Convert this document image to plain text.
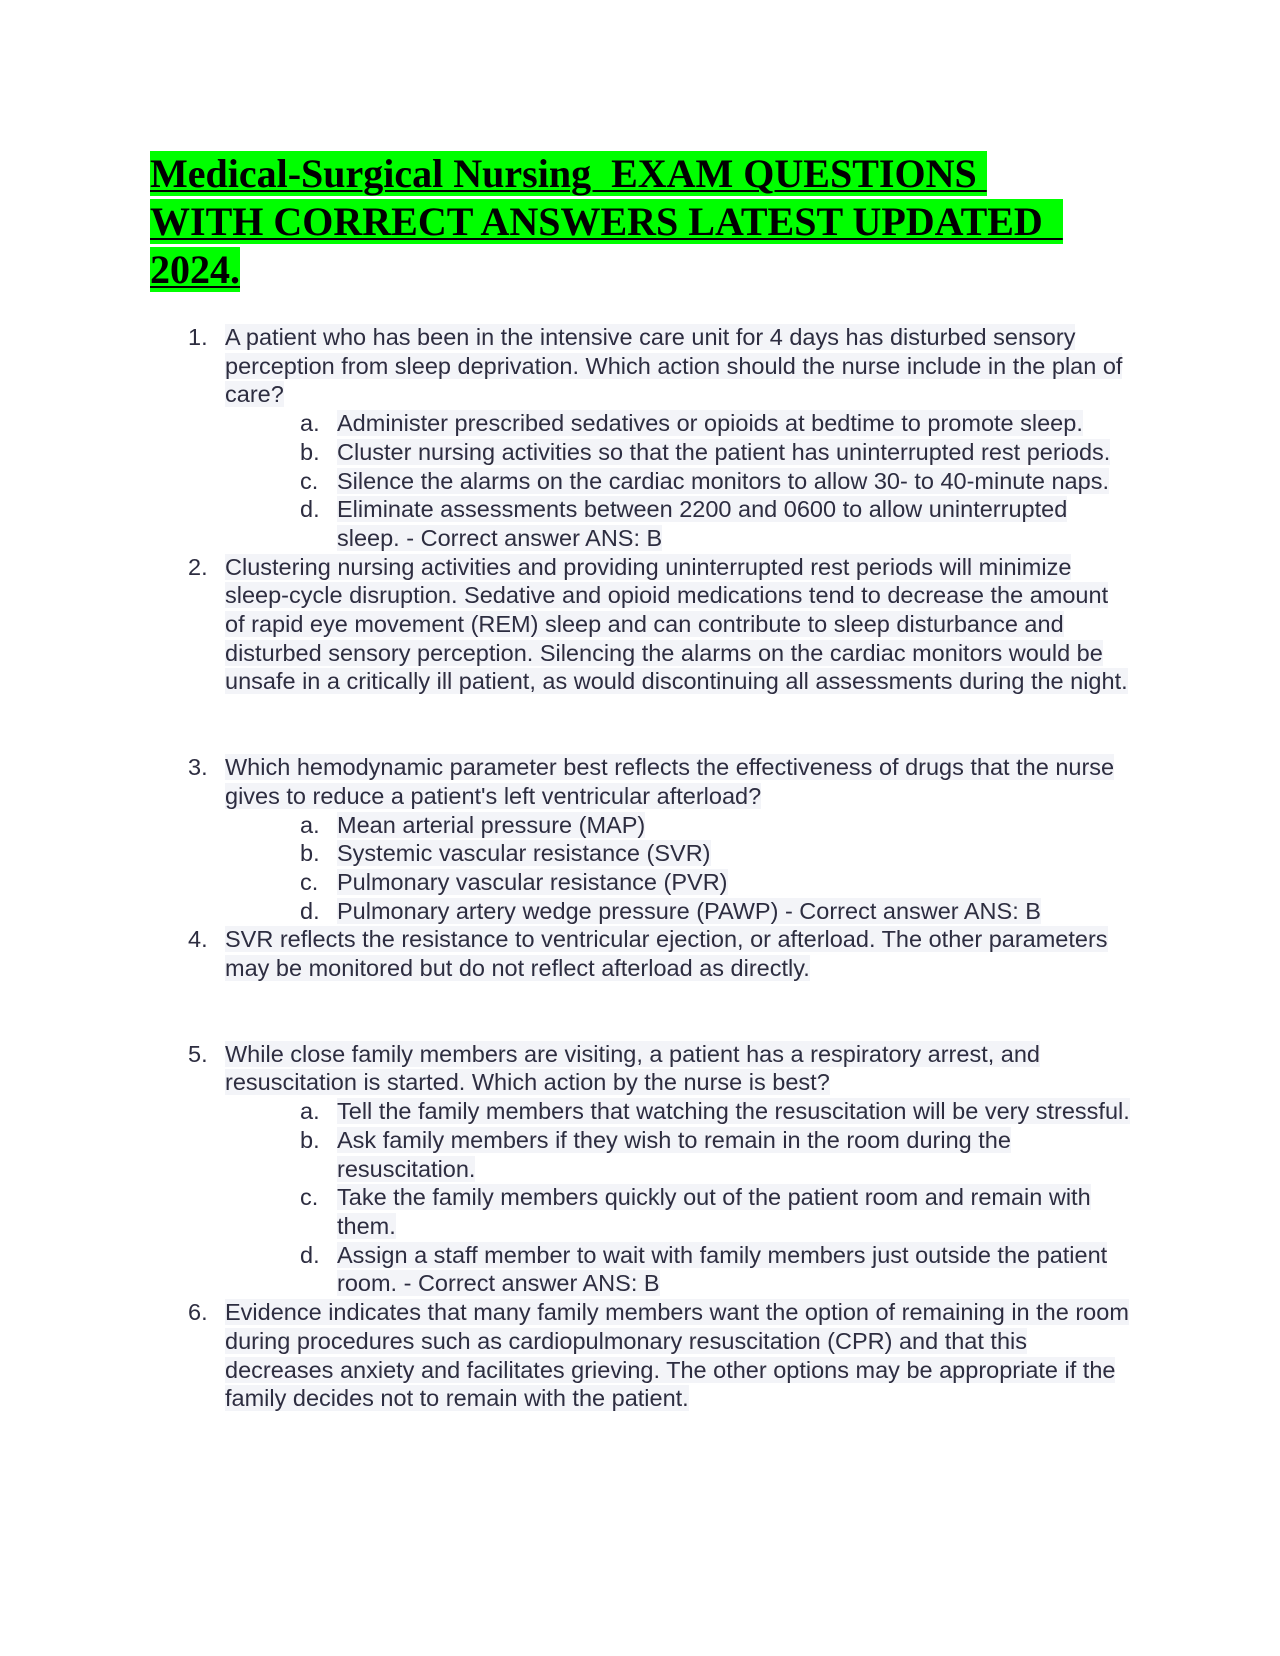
Medical-Surgical Nursing  EXAM QUESTIONS
WITH CORRECT ANSWERS LATEST UPDATED
2024.
1. A patient who has been in the intensive care unit for 4 days has disturbed sensory perception from sleep deprivation. Which action should the nurse include in the plan of care?
a. Administer prescribed sedatives or opioids at bedtime to promote sleep.
b. Cluster nursing activities so that the patient has uninterrupted rest periods.
c. Silence the alarms on the cardiac monitors to allow 30- to 40-minute naps.
d. Eliminate assessments between 2200 and 0600 to allow uninterrupted sleep. - Correct answer ANS: B
2. Clustering nursing activities and providing uninterrupted rest periods will minimize sleep-cycle disruption. Sedative and opioid medications tend to decrease the amount of rapid eye movement (REM) sleep and can contribute to sleep disturbance and disturbed sensory perception. Silencing the alarms on the cardiac monitors would be unsafe in a critically ill patient, as would discontinuing all assessments during the night.
3. Which hemodynamic parameter best reflects the effectiveness of drugs that the nurse gives to reduce a patient's left ventricular afterload?
a. Mean arterial pressure (MAP)
b. Systemic vascular resistance (SVR)
c. Pulmonary vascular resistance (PVR)
d. Pulmonary artery wedge pressure (PAWP) - Correct answer ANS: B
4. SVR reflects the resistance to ventricular ejection, or afterload. The other parameters may be monitored but do not reflect afterload as directly.
5. While close family members are visiting, a patient has a respiratory arrest, and resuscitation is started. Which action by the nurse is best?
a. Tell the family members that watching the resuscitation will be very stressful.
b. Ask family members if they wish to remain in the room during the resuscitation.
c. Take the family members quickly out of the patient room and remain with them.
d. Assign a staff member to wait with family members just outside the patient room. - Correct answer ANS: B
6. Evidence indicates that many family members want the option of remaining in the room during procedures such as cardiopulmonary resuscitation (CPR) and that this decreases anxiety and facilitates grieving. The other options may be appropriate if the family decides not to remain with the patient.
